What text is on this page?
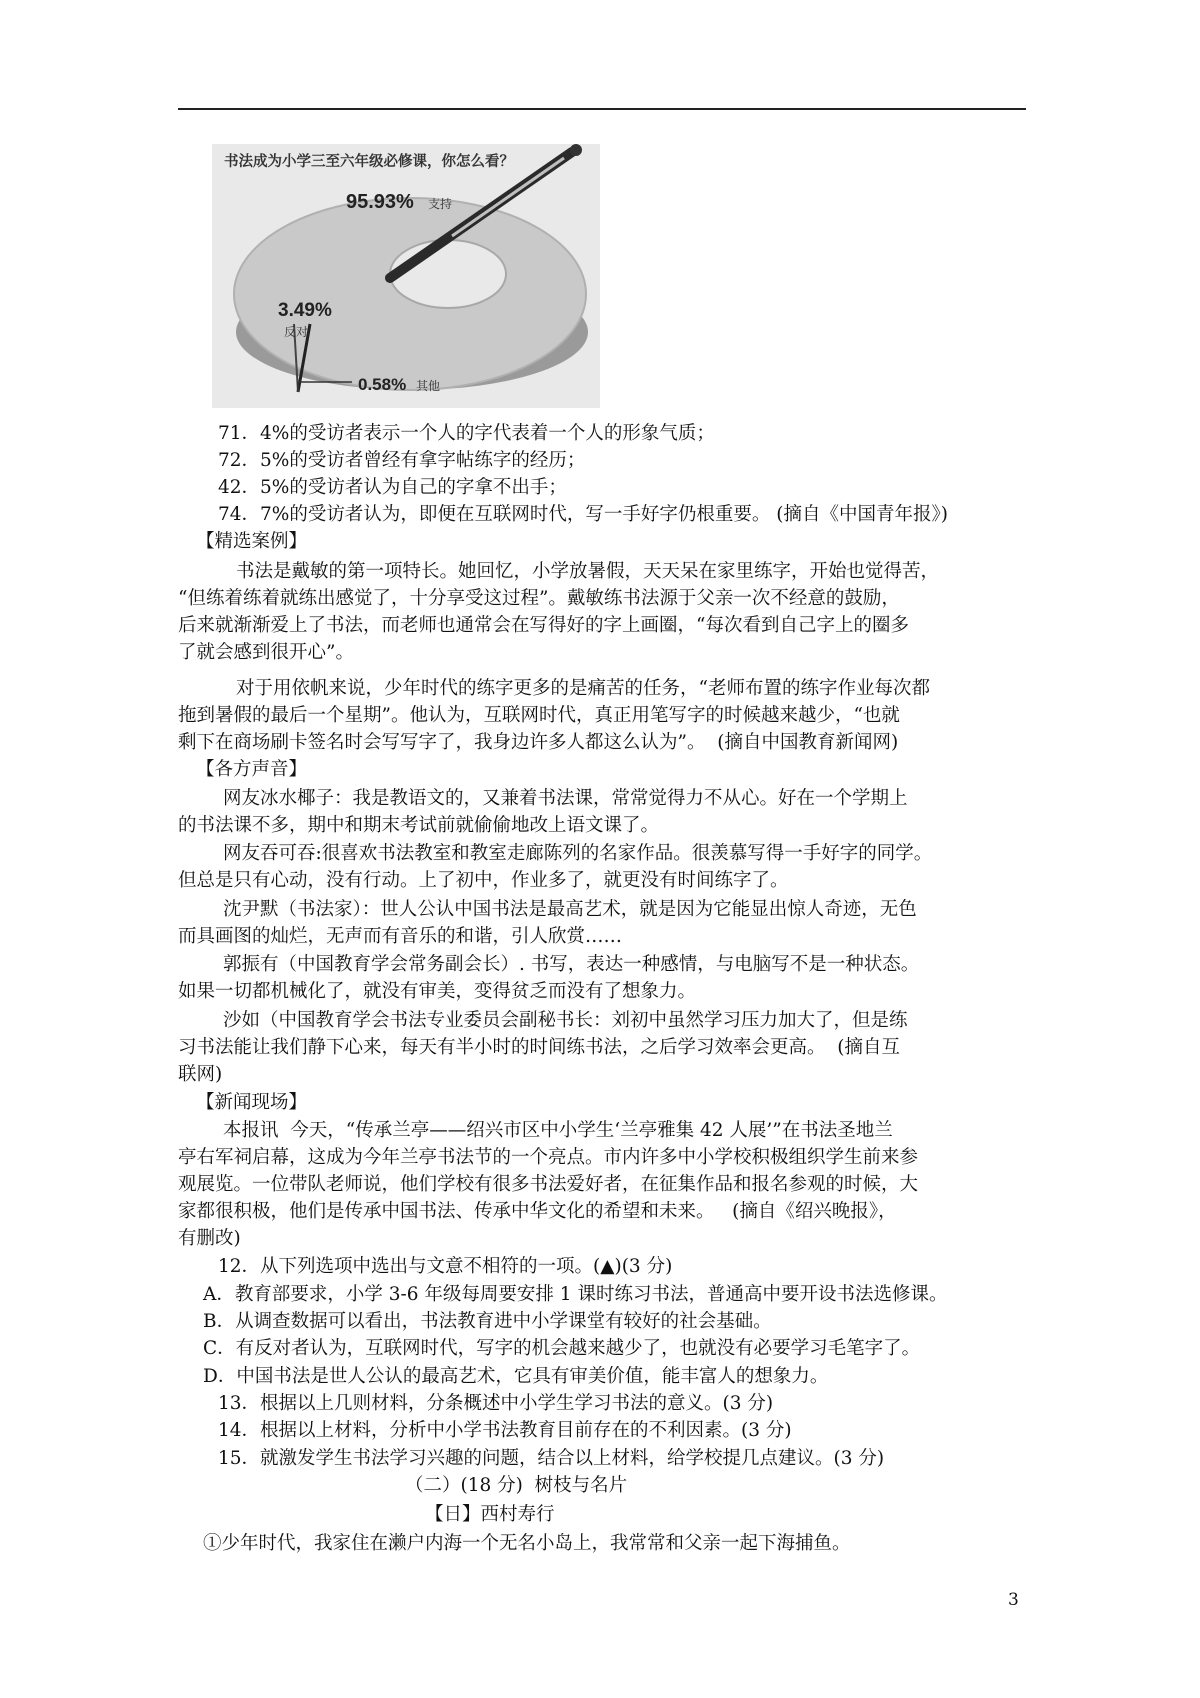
书法成为小学三至六年级必修课，你怎么看？
95.93% 支持
3.49%
反对
0.58% 其他
71．4%的受访者表示一个人的字代表着一个人的形象气质；
72．5%的受访者曾经有拿字帖练字的经历；
42．5%的受访者认为自己的字拿不出手；
74．7%的受访者认为，即便在互联网时代，写一手好字仍根重要。 (摘自《中国青年报》)
【精选案例】
书法是戴敏的第一项特长。她回忆，小学放暑假，天天呆在家里练字，开始也觉得苦，
“但练着练着就练出感觉了，十分享受这过程”。戴敏练书法源于父亲一次不经意的鼓励，
后来就渐渐爱上了书法，而老师也通常会在写得好的字上画圈，“每次看到自己字上的圈多
了就会感到很开心”。
对于用依帆来说，少年时代的练字更多的是痛苦的任务，“老师布置的练字作业每次都
拖到暑假的最后一个星期”。他认为，互联网时代，真正用笔写字的时候越来越少，“也就
剩下在商场刷卡签名时会写写字了，我身边许多人都这么认为”。  (摘自中国教育新闻网)
【各方声音】
网友冰水椰子：我是教语文的，又兼着书法课，常常觉得力不从心。好在一个学期上
的书法课不多，期中和期末考试前就偷偷地改上语文课了。
网友吞可吞:很喜欢书法教室和教室走廊陈列的名家作品。很羡慕写得一手好字的同学。
但总是只有心动，没有行动。上了初中，作业多了，就更没有时间练字了。
沈尹默（书法家）：世人公认中国书法是最高艺术，就是因为它能显出惊人奇迹，无色
而具画图的灿烂，无声而有音乐的和谐，引人欣赏……
郭振有（中国教育学会常务副会长）. 书写，表达一种感情，与电脑写不是一种状态。
如果一切都机械化了，就没有审美，变得贫乏而没有了想象力。
沙如（中国教育学会书法专业委员会副秘书长：刘初中虽然学习压力加大了，但是练
习书法能让我们静下心来，每天有半小时的时间练书法，之后学习效率会更高。  (摘自互
联网)
【新闻现场】
本报讯  今天，“传承兰亭——绍兴市区中小学生‘兰亭雅集 42 人展’”在书法圣地兰
亭右军祠启幕，这成为今年兰亭书法节的一个亮点。市内许多中小学校积极组织学生前来参
观展览。一位带队老师说，他们学校有很多书法爱好者，在征集作品和报名参观的时候，大
家都很积极，他们是传承中国书法、传承中华文化的希望和未来。   (摘自《绍兴晚报》，
有删改)
12．从下列选项中选出与文意不相符的一项。(▲)(3 分)
A．教育部要求，小学 3-6 年级每周要安排 1 课时练习书法，普通高中要开设书法选修课。
B．从调查数据可以看出，书法教育进中小学课堂有较好的社会基础。
C．有反对者认为，互联网时代，写字的机会越来越少了，也就没有必要学习毛笔字了。
D．中国书法是世人公认的最高艺术，它具有审美价值，能丰富人的想象力。
13．根据以上几则材料，分条概述中小学生学习书法的意义。(3 分)
14．根据以上材料，分析中小学书法教育目前存在的不利因素。(3 分)
15．就激发学生书法学习兴趣的问题，结合以上材料，给学校提几点建议。(3 分)
（二）(18 分)  树枝与名片
【日】西村寿行
①少年时代，我家住在濑户内海一个无名小岛上，我常常和父亲一起下海捕鱼。
3
